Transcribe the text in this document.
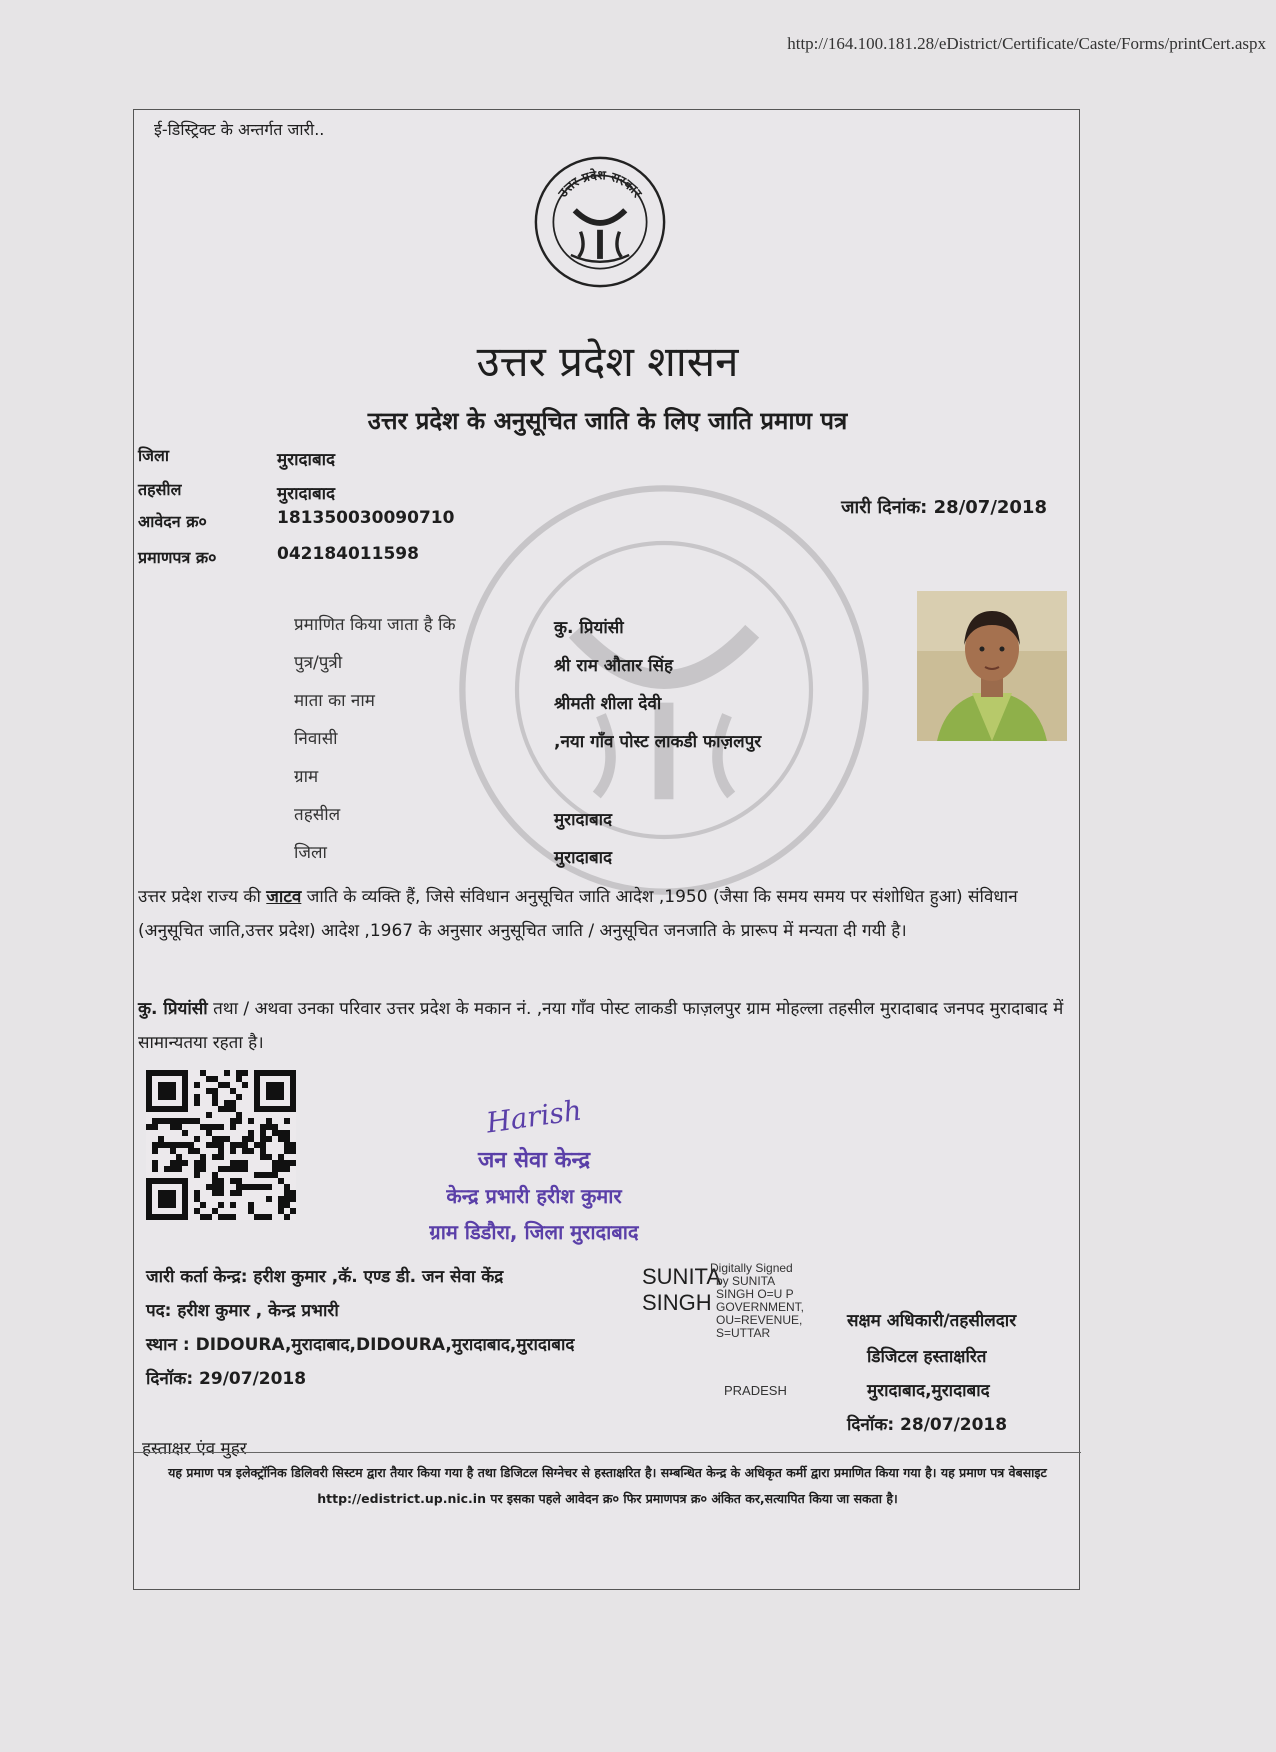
http://164.100.181.28/eDistrict/Certificate/Caste/Forms/printCert.aspx
ई-डिस्ट्रिक्ट के अन्तर्गत जारी..
उत्तर प्रदेश सरकार
उत्तर प्रदेश शासन
उत्तर प्रदेश के अनुसूचित जाति के लिए जाति प्रमाण पत्र
जिला	मुरादाबाद
तहसील	मुरादाबाद
आवेदन क्र०	181350030090710
प्रमाणपत्र क्र०	042184011598
जारी दिनांक: 28/07/2018
प्रमाणित किया जाता है कि	कु. प्रियांसी
पुत्र/पुत्री	श्री राम औतार सिंह
माता का नाम	श्रीमती शीला देवी
निवासी	,नया गाँव पोस्ट लाकडी फाज़लपुर
ग्राम
तहसील	मुरादाबाद
जिला	मुरादाबाद
उत्तर प्रदेश राज्य की जाटव जाति के व्यक्ति हैं, जिसे संविधान अनुसूचित जाति आदेश ,1950 (जैसा कि समय समय पर संशोधित हुआ) संविधान (अनुसूचित जाति,उत्तर प्रदेश) आदेश ,1967 के अनुसार अनुसूचित जाति / अनुसूचित जनजाति के प्रारूप में मन्यता दी गयी है।
कु. प्रियांसी तथा / अथवा उनका परिवार उत्तर प्रदेश के मकान नं. ,नया गाँव पोस्ट लाकडी फाज़लपुर ग्राम मोहल्ला तहसील मुरादाबाद जनपद मुरादाबाद में सामान्यतया रहता है।
Harish
जन सेवा केन्द्र
केन्द्र प्रभारी हरीश कुमार
ग्राम डिडौरा, जिला मुरादाबाद
जारी कर्ता केन्द्र: हरीश कुमार ,कॅ. एण्ड डी. जन सेवा केंद्र
पद: हरीश कुमार , केन्द्र प्रभारी
स्थान : DIDOURA,मुरादाबाद,DIDOURA,मुरादाबाद,मुरादाबाद
दिनॉक: 29/07/2018
SUNITA
SINGH
Digitally Signed
by SUNITA
SINGH O=U P
GOVERNMENT,
OU=REVENUE,
S=UTTAR
PRADESH
सक्षम अधिकारी/तहसीलदार
डिजिटल हस्ताक्षरित
मुरादाबाद,मुरादाबाद
दिनॉक: 28/07/2018
हस्ताक्षर एंव मुहर
यह प्रमाण पत्र इलेक्ट्रॉनिक डिलिवरी सिस्टम द्वारा तैयार किया गया है तथा डिजिटल सिग्नेचर से हस्ताक्षरित है। सम्बन्धित केन्द्र के अधिकृत कर्मी द्वारा प्रमाणित किया गया है। यह प्रमाण पत्र वेबसाइट http://edistrict.up.nic.in पर इसका पहले आवेदन क्र० फिर प्रमाणपत्र क्र० अंकित कर,सत्यापित किया जा सकता है।
